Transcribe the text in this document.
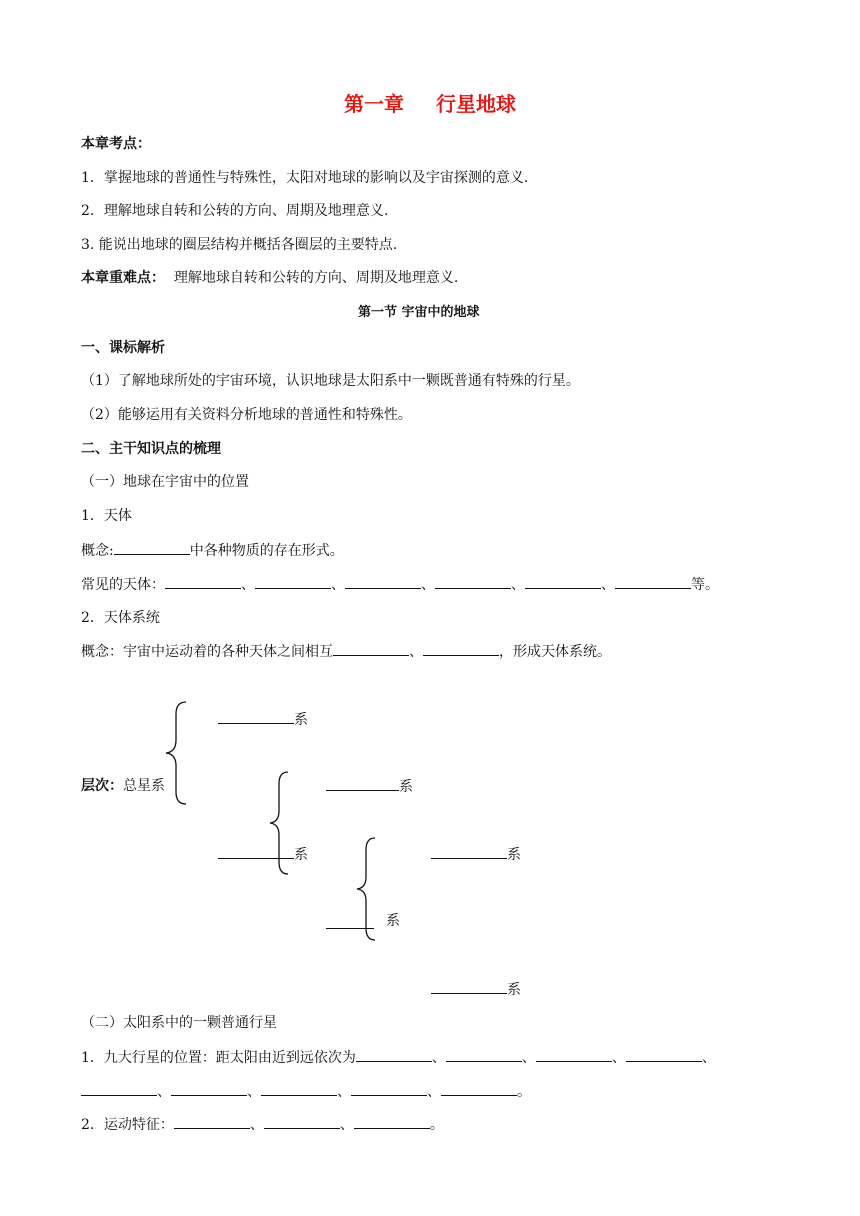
第一章 行星地球
本章考点：
1．掌握地球的普通性与特殊性，太阳对地球的影响以及宇宙探测的意义.
2．理解地球自转和公转的方向、周期及地理意义.
3. 能说出地球的圈层结构并概括各圈层的主要特点.
本章重难点： 理解地球自转和公转的方向、周期及地理意义.
第一节 宇宙中的地球
一、课标解析
（1）了解地球所处的宇宙环境，认识地球是太阳系中一颗既普通有特殊的行星。
（2）能够运用有关资料分析地球的普通性和特殊性。
二、主干知识点的梳理
（一）地球在宇宙中的位置
1．天体
概念:	中各种物质的存在形式。
常见的天体：	、	、	、	、	、	等。
2．天体系统
概念：宇宙中运动着的各种天体之间相互	、	，形成天体系统。
层次：总星系
系
系
系	系
系
系
（二）太阳系中的一颗普通行星
1．九大行星的位置：距太阳由近到远依次为	、	、	、	、
、	、	、	、	。
2．运动特征：	、	、	。
